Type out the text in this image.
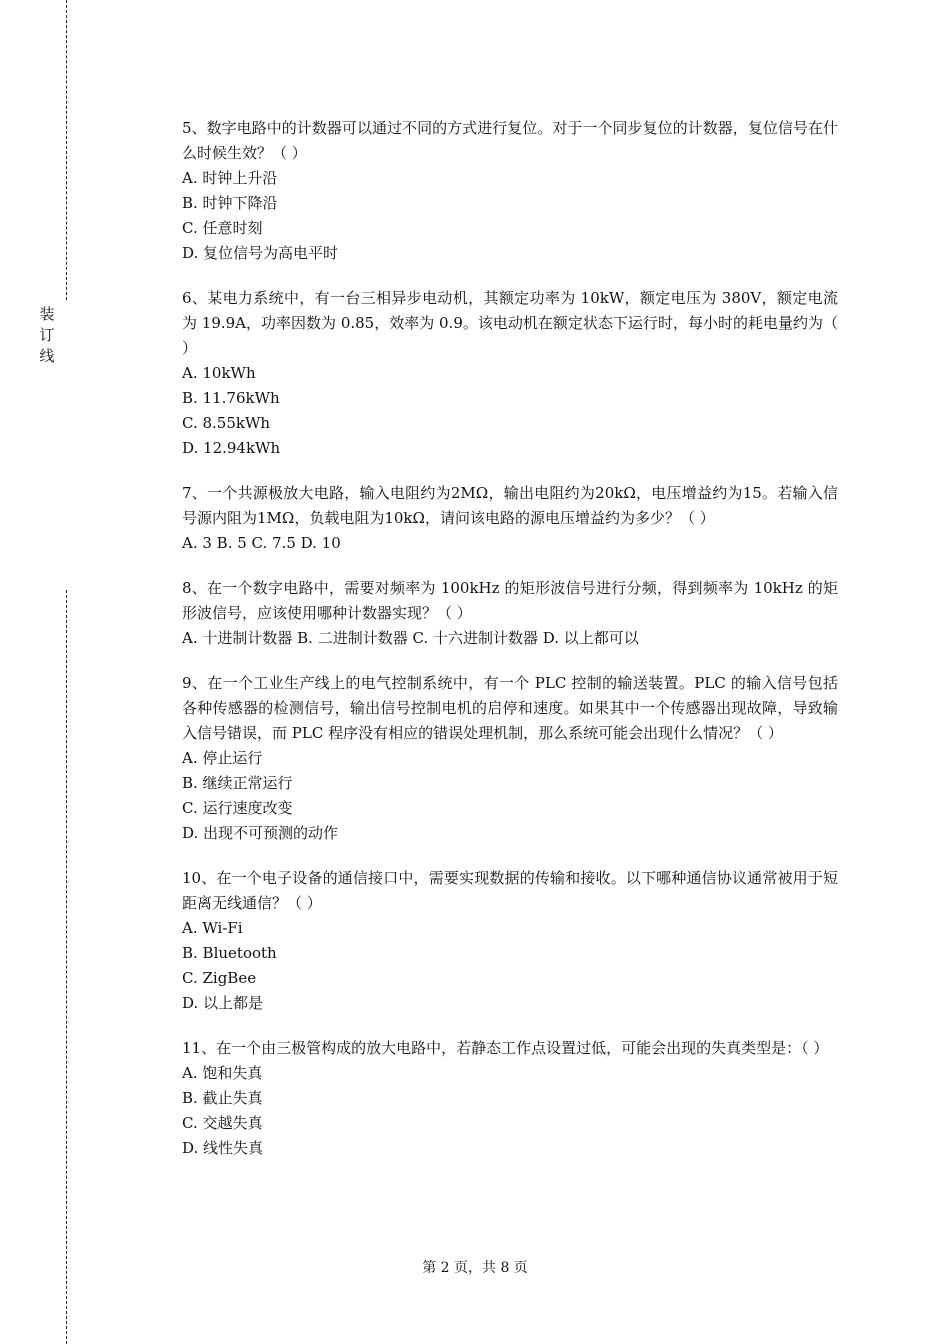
装
订
线
5、数字电路中的计数器可以通过不同的方式进行复位。对于一个同步复位的计数器，复位信号在什么时候生效？（ ）
A. 时钟上升沿
B. 时钟下降沿
C. 任意时刻
D. 复位信号为高电平时
6、某电力系统中，有一台三相异步电动机，其额定功率为 10kW，额定电压为 380V，额定电流为 19.9A，功率因数为 0.85，效率为 0.9。该电动机在额定状态下运行时，每小时的耗电量约为（ ）
A. 10kWh
B. 11.76kWh
C. 8.55kWh
D. 12.94kWh
7、一个共源极放大电路，输入电阻约为2MΩ，输出电阻约为20kΩ，电压增益约为15。若输入信号源内阻为1MΩ，负载电阻为10kΩ，请问该电路的源电压增益约为多少？（ ）
A. 3 B. 5 C. 7.5 D. 10
8、在一个数字电路中，需要对频率为 100kHz 的矩形波信号进行分频，得到频率为 10kHz 的矩形波信号，应该使用哪种计数器实现？（ ）
A. 十进制计数器 B. 二进制计数器 C. 十六进制计数器 D. 以上都可以
9、在一个工业生产线上的电气控制系统中，有一个 PLC 控制的输送装置。PLC 的输入信号包括各种传感器的检测信号，输出信号控制电机的启停和速度。如果其中一个传感器出现故障，导致输入信号错误，而 PLC 程序没有相应的错误处理机制，那么系统可能会出现什么情况？（ ）
A. 停止运行
B. 继续正常运行
C. 运行速度改变
D. 出现不可预测的动作
10、在一个电子设备的通信接口中，需要实现数据的传输和接收。以下哪种通信协议通常被用于短距离无线通信？（ ）
A. Wi-Fi
B. Bluetooth
C. ZigBee
D. 以上都是
11、在一个由三极管构成的放大电路中，若静态工作点设置过低，可能会出现的失真类型是：（ ）
A. 饱和失真
B. 截止失真
C. 交越失真
D. 线性失真
第 2 页，共 8 页
